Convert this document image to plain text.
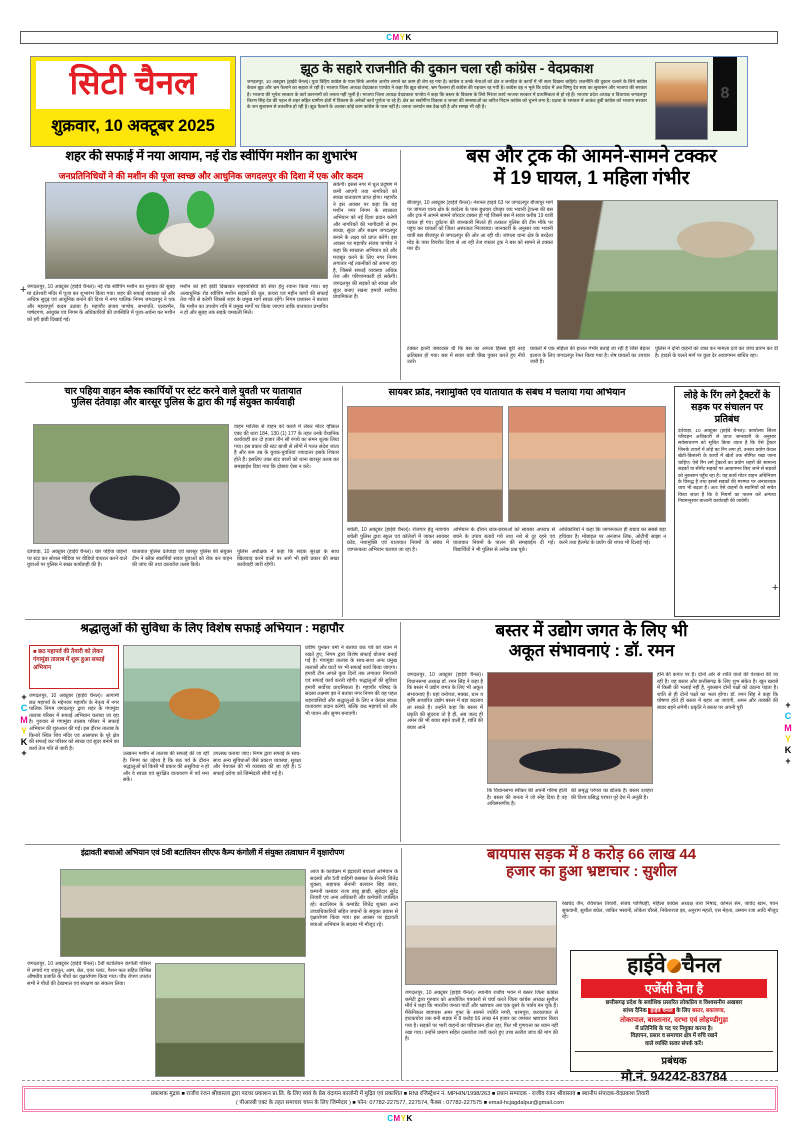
CMYK
सिटी चैनल
शुक्रवार, 10 अक्टूबर 2025
झूठ के सहारे राजनीति की दुकान चला रही कांग्रेस - वेदप्रकाश
जगदलपुर, 10 अक्टूबर (हाईवे चैनल)। युवा विहिप कांग्रेस के पास सिर्फ अनर्गल आरोप लगाने का काम ही शेष रह गया है। कांग्रेस व उनके नेताओं को क्षेत्र व जनहित के कार्यों में भी सत्य दिखना चाहिये। राजनीति की दुकान चलाने के लिये कांग्रेस केवल झूठ और भ्रम फैलाने का सहारा ले रही है। भाजपा जिला अध्यक्ष वेदप्रकाश पाण्डेय ने कहा कि झूठ बोलना, भ्रम फैलाना ही कांग्रेस की पहचान रह गयी है। कांग्रेस वह न भूले कि प्रदेश में अब विष्णु देव साय का सुशासन और भाजपा की सरकार है। भाजपा की भूपेश सरकार के कारे कारनामों को जनता नहीं भूली है। भाजपा जिला अध्यक्ष वेदप्रकाश पाण्डेय ने कहा कि बस्तर के विकास के लिये निरंतर कार्य भाजपा सरकार में प्राथमिकता से हो रहे हैं। भाजपा प्रदेश अध्यक्ष व विधायक जगदलपुर किरण सिंह देव की पहल से शहर सहित ग्रामीण क्षेत्रों में विकास के अनेकों कार्य पूर्णता पा रहे हैं। क्षेत्र का सर्वांगीण विकास व जनता की समस्याओं का त्वरित निदान कांग्रेस को चुभने लगा है। प्रज्ञता के रसातल में आकंठ डूबी कांग्रेस को भाजपा सरकार के जन सुशासन से तकलीफ हो रही है। झूठ फैलाने के अलावा कोई काम कांग्रेस के पास नहीं है। जनता जनार्दन सब देख रही है और समझ भी रही है।
8
शहर की सफाई में नया आयाम, नई रोड स्वीपिंग मशीन का शुभारंभ
जनप्रतिनिधियों ने की मशीन की पूजा स्वच्छ और आधुनिक जगदलपुर की दिशा में एक और कदम
सकेगी। इससे नगर में धूल प्रदूषण में कमी आएगी तथा नागरिकों को स्वच्छ वातावरण प्राप्त होगा। महापौर ने इस अवसर पर कहा कि यह मशीन नगर निगम के स्वच्छता अभियान को नई दिशा प्रदान करेगी और नागरिकों की भागीदारी से हम स्वच्छ, सुंदर और सक्षम जगदलपुर बनाने के लक्ष्य को प्राप्त करेंगे। इस अवसर पर महापौर संजय पाण्डेय ने कहा कि स्वच्छता अभियान को और मजबूत करने के लिए नगर निगम लगातार नई तकनीकों को अपना रहा है, जिससे सफाई व्यवस्था अधिक तेज और परिणामकारी हो सकेगी। जगदलपुर की सड़कों को स्वच्छ और सुंदर बनाए रखना हमारी सर्वोच्च प्राथमिकता है।
जगदलपुर, 10 अक्टूबर (हाईवे चैनल)। नई रोड स्वीपिंग मशीन का गुरुवार की सुबह मां दंतेश्वरी मंदिर में पूजा कर शुभारंभ किया गया। शहर की सफाई व्यवस्था को और अधिक सुदृढ़ एवं आधुनिक बनाने की दिशा में नगर पालिक निगम जगदलपुर ने एक और महत्वपूर्ण कदम उठाया है। महापौर संजय पाण्डेय, सभापति, एल्डरमैन, पार्षदगण, आयुक्त एवं निगम के अधिकारियों की उपस्थिति में पूजा-अर्चना कर मशीन को हरी झंडी दिखाई गई।
मशीन को हरी झंडी दिखाकर शहरवासियों की सेवा हेतु रवाना किया गया। यह अत्याधुनिक रोड स्वीपिंग मशीन सड़कों की धूल, कचरा एवं महीन कणों की सफाई तेज गति से करेगी जिससे शहर के प्रमुख मार्ग स्वच्छ रहेंगे। निगम प्रशासन ने बताया कि मशीन का उपयोग रात्रि में प्रमुख मार्गों पर किया जाएगा ताकि यातायात प्रभावित न हो और सुबह तक सड़कें चमकती मिलें।
बस और ट्रक की आमने-सामने टक्कर
में 19 घायल, 1 महिला गंभीर
बीजापुर, 10 अक्टूबर (हाईवे चैनल)। नेशनल हाइवे 63 पर जगदलपुर बीजापुर मार्ग पर जांगला थाना क्षेत्र के बरदेला के पास बुधवार दोपहर जय भवानी ट्रेवल्स की बस और ट्रक में आमने सामने जोरदार टक्कर हो गई जिसमें बस में सवार करीब 19 यात्री घायल हो गए। दुर्घटना की जानकारी मिलते ही तत्काल पुलिस की टीम मौके पर पहुंच कर घायलों को जिला अस्पताल भिजवाया। जानकारी के अनुसार जय भवानी यात्री बस बीजापुर से जगदलपुर की ओर आ रही थी। जांगला थाना क्षेत्र के बरदेला मोड़ के पास विपरीत दिशा से आ रही तेज रफ्तार ट्रक ने बस को सामने से टक्कर मार दी।
टक्कर इतनी जबरदस्त थी कि बस का अगला हिस्सा बुरी तरह क्षतिग्रस्त हो गया। बस में सवार यात्री चीख पुकार करते हुए नीचे उतरे।
घायलों में एक महिला की हालत गंभीर बताई जा रही है जिसे बेहतर इलाज के लिए जगदलपुर रेफर किया गया है। शेष घायलों का उपचार जारी है।
पुलिस ने दोनों वाहनों को जब्त कर मामला दर्ज कर जांच प्रारंभ कर दी है। हादसे के चलते मार्ग पर कुछ देर आवागमन बाधित रहा।
चार पहिया वाहन ब्लैक स्कार्पियों पर स्टंट करने वाले युवती पर यातायात
पुलिस दंतेवाड़ा और बारसूर पुलिस के द्वारा की गई संयुक्त कार्यवाही
वाहन मालिक से वाहन को कब्जे में लेकर मोटर व्हीकल एक्ट की धारा 184, 130 (1) 177 के तहत उनके वैधानिक कार्यवाही कर दो हजार तीन सौ रुपये का समन शुल्क लिया गया। इस प्रकार की स्टंट बाजी से लोगों में गलत संदेश जाता है और कम उम्र के युवक-युवतियां ज्यादातर इसके शिकार होते हैं। इसलिए उक्त स्टंट बाजों को थाना बारसूर तलब कर समझाईश दिया गया कि दोबारा ऐसा न करें।
दंतेवाड़ा, 10 अक्टूबर (हाईवे चैनल)। चार पहिया वाहनों पर स्टंट कर सोशल मीडिया पर वीडियो वायरल करने वाले युवाओं पर पुलिस ने सख्त कार्यवाही की है।
यातायात पुलिस दंतेवाड़ा एवं बारसूर पुलिस की संयुक्त टीम ने ब्लैक स्कार्पियो सवार युवाओं को रोक कर वाहन की जांच की तथा दस्तावेज तलब किये।
पुलिस अधीक्षक ने कहा कि सड़क सुरक्षा के साथ खिलवाड़ करने वालों पर आगे भी इसी प्रकार की सख्त कार्यवाही जारी रहेगी।
सायबर फ्रॉड, नशामुक्ति एवं यातायात के संबंध में चलाया गया अभियान
बचेली, 10 अक्टूबर (हाईवे चैनल)। रोजगार हेतु नवागांव बचेली पुलिस द्वारा स्कूल एवं कॉलेजों में जाकर सायबर फ्रॉड, नशामुक्ति एवं यातायात नियमों के संबंध में जागरूकता अभियान चलाया जा रहा है।
अभियान के दौरान छात्र-छात्राओं को सायबर अपराध से बचने के उपाय बताये गये तथा नशे से दूर रहने एवं यातायात नियमों के पालन की समझाईश दी गई। विद्यार्थियों ने भी पुलिस से अनेक प्रश्न पूछे।
अधिकारियों ने कहा कि जागरूकता ही बचाव का सबसे बड़ा हथियार है। मोबाइल पर अनजान लिंक, ओटीपी साझा न करने तथा हेलमेट के प्रयोग की शपथ भी दिलाई गई।
लोहे के रिंग लगे ट्रैक्टरों के सड़क पर संचालन पर प्रतिबंध
दंतेवाड़ा, 10 अक्टूबर (हाईवे चैनल)। कार्यालय जिला परिवहन अधिकारी से प्राप्त जानकारी के अनुसार सर्वसाधारण को सूचित किया जाता है कि ऐसे ट्रैक्टर जिनके टायरों में लोहे का रिंग लगा हो, उनका प्रयोग केवल खेती-किसानी के कार्यों में खेतों तक सीमित रखा जाना चाहिए। ऐसे रिंग लगे ट्रैक्टरों का प्रयोग शहरों की सामान्य सड़कों या सीमेंट सड़कों पर आवागमन किए जाने से सड़कों को नुकसान पहुँच रहा है। यह कार्य मोटर वाहन अधिनियम के विरुद्ध है तथा इससे सड़कों की मरम्मत पर अनावश्यक व्यय भी बढ़ता है। अतः ऐसे वाहनों के स्वामियों को सचेत किया जाता है कि वे नियमों का पालन करें अन्यथा नियमानुसार चालानी कार्यवाही की जावेगी।
श्रद्धालुओं की सुविधा के लिए विशेष सफाई अभियान : महापौर
■ छठ महापर्व की तैयारी को लेकर गंगामुंडा तालाब में शुरू हुआ सफाई अभियान
जगदलपुर, 10 अक्टूबर (हाईवे चैनल)। आगामी छठ महापर्व के मद्देनजर महापौर के नेतृत्व में नगर पालिक निगम जगदलपुर द्वारा शहर के गंगामुंडा तालाब परिसर में सफाई अभियान चलाया जा रहा है। गुरुवार से गंगामुंडा तालाब परिसर में सफाई अभियान की शुरुआत की गई। इस दौरान तालाब के किनारे स्थित शिव मंदिर एवं आसपास के पूरे क्षेत्र की सफाई कर परिसर को स्वच्छ एवं सुंदर बनाने का कार्य तेज गति से जारी है।
उत्खनन मशीन से तालाब की सफाई की जा रही है। निगम का उद्देश्य है कि छठ पर्व के दौरान श्रद्धालुओं को किसी भी प्रकार की असुविधा न हो और वे स्वच्छ एवं सुरक्षित वातावरण में पर्व मना सकें।
उपलब्ध कराया जाए। निगम द्वारा सफाई के साथ-साथ अन्य सुविधाओं जैसे प्रकाश व्यवस्था, सुरक्षा और पेयजल की भी व्यवस्था की जा रही है। 5 सफाई दरोगा को जिम्मेदारी सौंपी गई है।
प्रवीण चुनकर वर्मा ने बताया छठ पर्व को ध्यान में रखते हुए, निगम द्वारा विशेष सफाई योजना बनाई गई है। गंगामुंडा तालाब के साथ-साथ अन्य प्रमुख तालाबों और घाटों पर भी सफाई कार्य किया जाएगा। हमारी टीम अगले कुछ दिनों तक लगातार निगरानी एवं सफाई कार्य करती रहेगी। श्रद्धालुओं की सुविधा हमारी सर्वोच्च प्राथमिकता है। महापौर परिषद के सदस्य लक्ष्मण झा ने बताया नगर निगम की यह पहल शहरवासियों और श्रद्धालुओं के लिए न केवल स्वच्छ वातावरण प्रदान करेगी, बल्कि छठ महापर्व को और भी पावन और सुगम बनाएगी।
बस्तर में उद्योग जगत के लिए भी
अकूत संभावनाएं : डॉ. रमन
जगदलपुर, 10 अक्टूबर (हाईवे चैनल)। विधानसभा अध्यक्ष डॉ. रमन सिंह ने कहा है कि बस्तर में उद्योग जगत के लिए भी अकूत संभावनाएं हैं। यहां वनोपज, मक्का, धान व कृषि आधारित उद्योग बस्तर में बड़ा बदलाव ला सकते हैं। उन्होंने कहा कि बस्तर में प्रकृति की सुंदरता तो है ही, अब जल्द ही अमन की भी बयार बहने वाली है, शांति की बयार आने
कि विधानसभा स्पीकर की अपनी गरिमा होती है। बस्तर की जनता ने जो स्नेह दिया है वह अविस्मरणीय है।
की समृद्ध परंपरा का द्योतक है। बस्तर दशहरा की विश्व प्रसिद्ध परंपरा पूरे देश में अनूठी है।
होने की कगार पर है। दोनों ओर से शांति वार्ता की पेशकश की जा रही है। यह बस्तर और छत्तीसगढ़ के लिए शुभ संकेत है। खून खराबे में किसी की भलाई नहीं है, नुकसान दोनों पक्षों को उठाना पड़ता है। शांति से ही दोनों पक्षों का भला होगा। डॉ. रमन सिंह ने कहा कि घोषणा होते ही बस्तर में बहार आ जाएगी, अमन और तरक्की की बयार बहने लगेगी। प्रकृति ने बस्तर पर अपनी पूरी
+
+
C
M
Y
K
+
+
+
C
M
Y
K
+
इंद्रावती बचाओ अभियान एवं 5वी बटालियन सीएफ कैम्प कंगोली में संयुक्त तत्वाधान में वृक्षारोपण
आज के कार्यक्रम में इंद्रावती बचाओ अभियान के सदस्यों और 5वीं वाहिनी छसबल के सेनानी जितेंद्र शुक्ला, सहायक सेनानी बलवान सिंह कंवर, कम्पनी कमांडर राजा बाबू झाड़ी, सूबेदार सुरेंद्र तिवारी एवं अन्य अधिकारी और कर्मचारी उपस्थित रहे। बटालियन के कमांडेंट जितेंद्र शुक्ला अन्य उच्चाधिकारियों सहित जवानों के संयुक्त प्रयास से वृक्षारोपण किया गया। इस अवसर पर इंद्रावती बचाओ अभियान के सदस्य भी मौजूद रहे।
जगदलपुर, 10 अक्टूबर (हाईवे चैनल)। 5वीं बटालियन कंगोली परिसर में लगाये गए शहतूत, आम, बेल, एवर प्लांट, पैशन फल सहित विभिन्न औषधीय प्रजाति के पौधों का वृक्षारोपण किया गया। पौध रोपण उपरांत सभी ने पौधों की देखभाल एवं संरक्षण का संकल्प लिया।
बायपास सड़क में 8 करोड़ 66 लाख 44
हजार का हुआ भ्रष्टाचार : सुशील
रेखचंद जैन, रविशंकर तिवारी, संजय पाणिग्रही, महिला कांग्रेस अध्यक्ष तारा निषाद, कोमल सेन, जावेद खान, पवन सुकवानी, सुशील बघेल, जाकिर भसानी, लोकेश चौरसे, निकेशराज झा, अनुराग महतो, एस मेहता, उस्मान रजा आदि मौजूद रहे।
जगदलपुर, 10 अक्टूबर (हाईवे चैनल)। स्थानीय राजीव भवन में बस्तर जिला कांग्रेस कमेटी द्वारा गुरुवार को आयोजित पत्रकारों से चर्चा करते जिला कांग्रेस अध्यक्ष सुशील मौर्य ने कहा कि भारतीय जनता पार्टी और भ्रष्टाचार अब एक दूसरे के पर्याय बन चुके हैं। मैकेनिकल बायपास अमर गुफा के सामने ज्योति नगरी, धरमपुरा, करकापाल से हाटकचोरा तक बनी सड़क में 8 करोड़ 66 लाख 44 हजार का जमकर भ्रष्टाचार किया गया है। सड़कों पर भारी वाहनों का परिचालन होता रहा, फिर भी गुणवत्ता का ध्यान नहीं रखा गया। उन्होंने प्रमाण सहित दस्तावेज जारी करते हुए उच्च स्तरीय जांच की मांग की है।
हाईवे चैनल
एजेंसी देना है
छत्तीसगढ़ प्रदेश के सर्वाधिक प्रसारित लोकप्रिय व विश्वसनीय अखबार
सांध्य दैनिक हाईवे चैनल के लिए बस्तर, बकावण्ड,
तोकापाल, बास्तानार, दरभा एवं लोहण्डीगुड़ा
में प्रतिनिधि के पद पर नियुक्त करना है।
विज्ञापन, प्रसार व समाचार क्षेत्र में रुचि रखने
वाले व्यक्ति सत्वर संपर्क करें।
प्रबंधक
मो.नं. 94242-83784
प्रकाशक मुद्रक ■ राजीव रंजन श्रीवास्तव द्वारा पदचर प्रकाशन प्रा.लि. के लिए स्वयं के प्रेस वंदायन कालोनी में मुद्रित एवं प्रकाशित ■ RNI रजिस्ट्रेशन नं. MPHIN/1998/263 ■ प्रधान सम्पादक - राजीव रंजन श्रीवास्तव ■ स्थानीय संपादक-वेदप्रकाश तिवारी
( पीआरबी एक्ट के तहत समाचार चयन के लिए जिम्मेदार ) ■ फोन: 07782-227577, 227574, फैक्स : 07782-227575 ■ email-hcjagdalpur@gmail.com
CMYK
